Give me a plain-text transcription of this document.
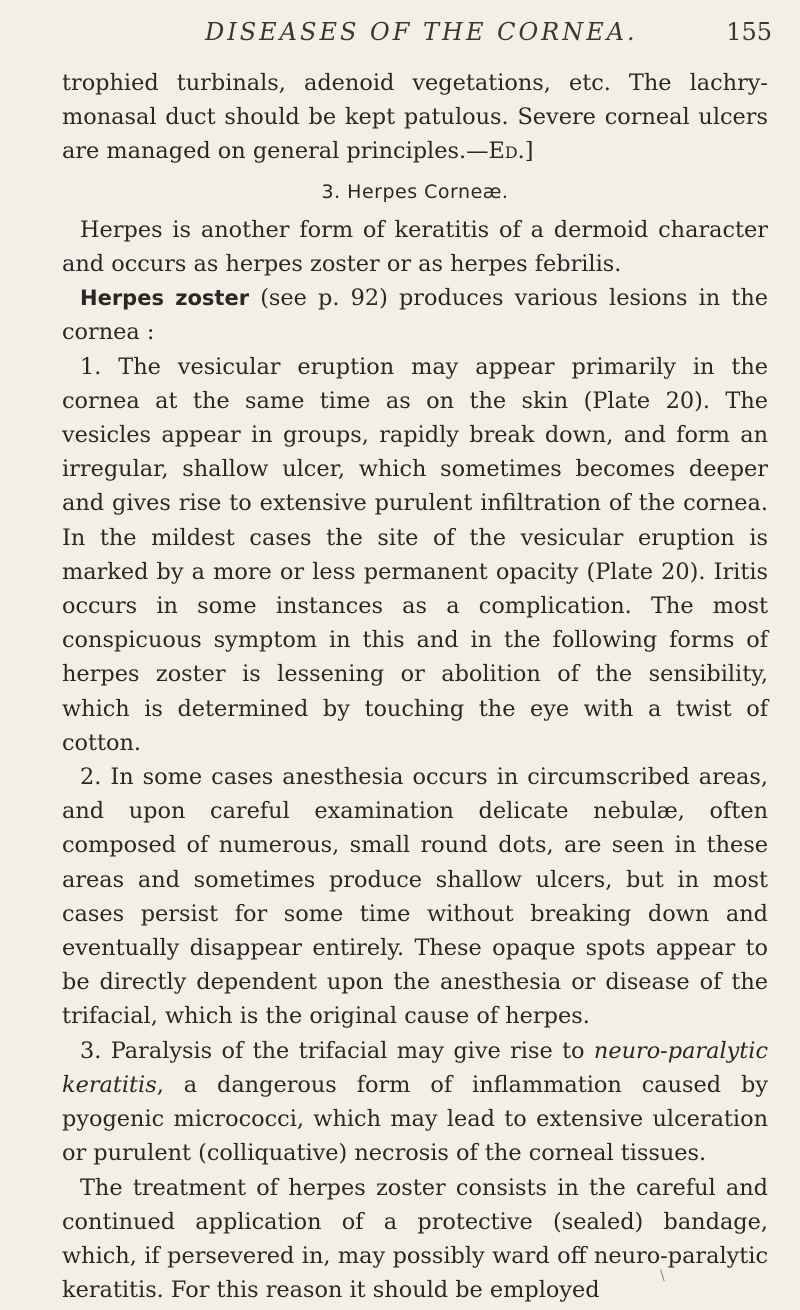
DISEASES OF THE CORNEA.	155

trophied turbinals, adenoid vegetations, etc. The lachry-monasal duct should be kept patulous. Severe corneal ulcers are managed on general principles.—Ed.]

3. Herpes Corneæ.

Herpes is another form of keratitis of a dermoid character and occurs as herpes zoster or as herpes febrilis.

Herpes zoster (see p. 92) produces various lesions in the cornea :

1. The vesicular eruption may appear primarily in the cornea at the same time as on the skin (Plate 20). The vesicles appear in groups, rapidly break down, and form an irregular, shallow ulcer, which sometimes becomes deeper and gives rise to extensive purulent infiltration of the cornea. In the mildest cases the site of the vesicular eruption is marked by a more or less permanent opacity (Plate 20). Iritis occurs in some instances as a complication. The most conspicuous symptom in this and in the following forms of herpes zoster is lessening or abolition of the sensibility, which is determined by touching the eye with a twist of cotton.

2. In some cases anesthesia occurs in circumscribed areas, and upon careful examination delicate nebulæ, often composed of numerous, small round dots, are seen in these areas and sometimes produce shallow ulcers, but in most cases persist for some time without breaking down and eventually disappear entirely. These opaque spots appear to be directly dependent upon the anesthesia or disease of the trifacial, which is the original cause of herpes.

3. Paralysis of the trifacial may give rise to neuro-paralytic keratitis, a dangerous form of inflammation caused by pyogenic micrococci, which may lead to extensive ulceration or purulent (colliquative) necrosis of the corneal tissues.

The treatment of herpes zoster consists in the careful and continued application of a protective (sealed) bandage, which, if persevered in, may possibly ward off neuro-paralytic keratitis. For this reason it should be employed

\
